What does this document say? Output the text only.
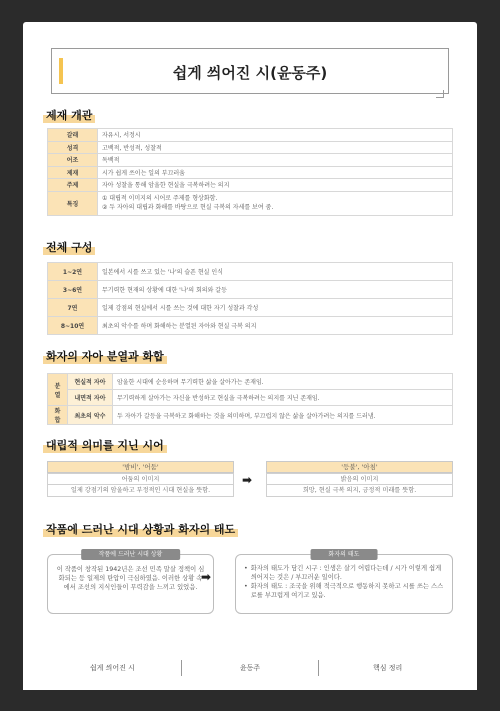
쉽게 씌어진 시(윤동주)
제재 개관
갈래	자유시, 서정시
성격	고백적, 반성적, 성찰적
어조	독백적
제재	시가 쉽게 쓰이는 일의 부끄러움
주제	자아 성찰을 통해 암울한 현실을 극복하려는 의지
특징	① 대립적 이미지의 시어로 주제를 형상화함.
② 두 자아의 대립과 화해를 바탕으로 현실 극복의 자세를 보여 줌.
전체 구성
1~2연	일본에서 시를 쓰고 있는 '나'의 슬픈 현실 인식
3~6연	무기력한 현재의 상황에 대한 '나'의 회의와 갈등
7연	일제 강점의 현실에서 시를 쓰는 것에 대한 자기 성찰과 각성
8~10연	최초의 악수를 하며 화해하는 분열된 자아와 현실 극복 의지
화자의 자아 분열과 화합
분열	현실적 자아	암울한 시대에 순응하며 무기력한 삶을 살아가는 존재임.
	내면적 자아	무기력하게 살아가는 자신을 반성하고 현실을 극복하려는 의지를 지닌 존재임.
화합	최초의 악수	두 자아가 갈등을 극복하고 화해하는 것을 의미하며, 부끄럽지 않은 삶을 살아가려는 의지를 드러냄.
대립적 의미를 지닌 시어
'밤비', '어둠'
어둠의 이미지
일제 강점기의 암울하고 부정적인 시대 현실을 뜻함.
➡
'등불', '아침'
밝음의 이미지
희망, 현실 극복 의지, 긍정적 미래를 뜻함.
작품에 드러난 시대 상황과 화자의 태도
작품에 드러난 시대 상황
이 작품이 창작된 1942년은 조선 민족 말살 정책이 심화되는 등 일제의 탄압이 극심하였음. 이러한 상황 속에서 조선의 지식인들이 무력감을 느끼고 있었음.
➡
화자의 태도
• 화자의 태도가 담긴 시구 : 인생은 살기 어렵다는데 / 시가 이렇게 쉽게 씌어지는 것은 / 부끄러운 일이다.
• 화자의 태도 : 조국을 위해 적극적으로 행동하지 못하고 시를 쓰는 스스로를 부끄럽게 여기고 있음.
쉽게 씌어진 시	윤동주	핵심 정리
